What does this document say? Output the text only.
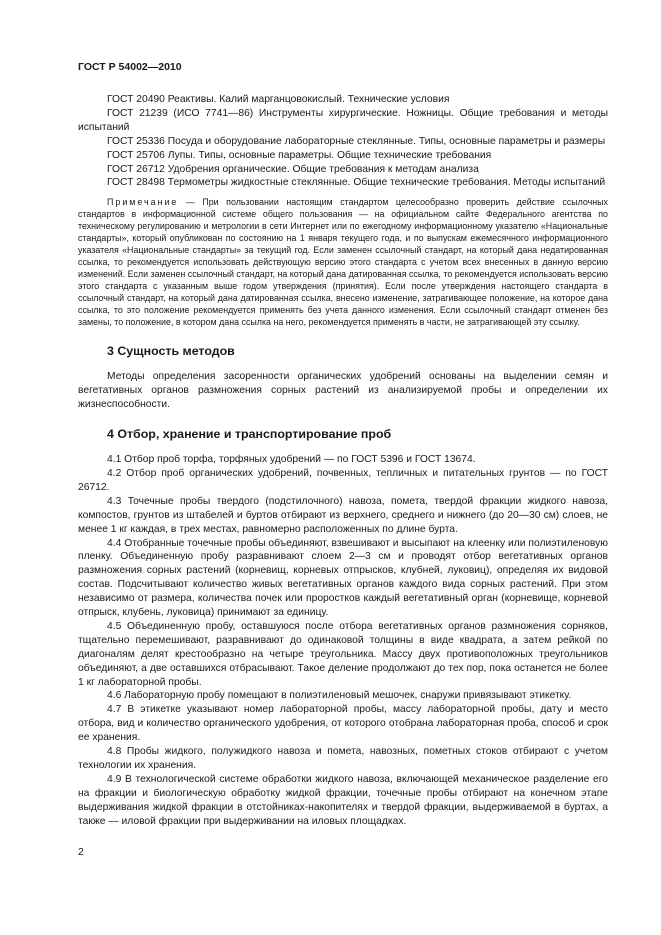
ГОСТ Р 54002—2010

ГОСТ 20490 Реактивы. Калий марганцовокислый. Технические условия

ГОСТ 21239 (ИСО 7741—86) Инструменты хирургические. Ножницы. Общие требования и методы испытаний

ГОСТ 25336 Посуда и оборудование лабораторные стеклянные. Типы, основные параметры и размеры

ГОСТ 25706 Лупы. Типы, основные параметры. Общие технические требования

ГОСТ 26712 Удобрения органические. Общие требования к методам анализа

ГОСТ 28498 Термометры жидкостные стеклянные. Общие технические требования. Методы испытаний

Примечание — При пользовании настоящим стандартом целесообразно проверить действие ссылочных стандартов в информационной системе общего пользования — на официальном сайте Федерального агентства по техническому регулированию и метрологии в сети Интернет или по ежегодному информационному указателю «Национальные стандарты», который опубликован по состоянию на 1 января текущего года, и по выпускам ежемесячного информационного указателя «Национальные стандарты» за текущий год. Если заменен ссылочный стандарт, на который дана недатированная ссылка, то рекомендуется использовать действующую версию этого стандарта с учетом всех внесенных в данную версию изменений. Если заменен ссылочный стандарт, на который дана датированная ссылка, то рекомендуется использовать версию этого стандарта с указанным выше годом утверждения (принятия). Если после утверждения настоящего стандарта в ссылочный стандарт, на который дана датированная ссылка, внесено изменение, затрагивающее положение, на которое дана ссылка, то это положение рекомендуется применять без учета данного изменения. Если ссылочный стандарт отменен без замены, то положение, в котором дана ссылка на него, рекомендуется применять в части, не затрагивающей эту ссылку.

3 Сущность методов

Методы определения засоренности органических удобрений основаны на выделении семян и вегетативных органов размножения сорных растений из анализируемой пробы и определении их жизнеспособности.

4 Отбор, хранение и транспортирование проб

4.1 Отбор проб торфа, торфяных удобрений — по ГОСТ 5396 и ГОСТ 13674.

4.2 Отбор проб органических удобрений, почвенных, тепличных и питательных грунтов — по ГОСТ 26712.

4.3 Точечные пробы твердого (подстилочного) навоза, помета, твердой фракции жидкого навоза, компостов, грунтов из штабелей и буртов отбирают из верхнего, среднего и нижнего (до 20—30 см) слоев, не менее 1 кг каждая, в трех местах, равномерно расположенных по длине бурта.

4.4 Отобранные точечные пробы объединяют, взвешивают и высыпают на клеенку или полиэтиленовую пленку. Объединенную пробу разравнивают слоем 2—3 см и проводят отбор вегетативных органов размножения сорных растений (корневищ, корневых отпрысков, клубней, луковиц), определяя их видовой состав. Подсчитывают количество живых вегетативных органов каждого вида сорных растений. При этом независимо от размера, количества почек или проростков каждый вегетативный орган (корневище, корневой отпрыск, клубень, луковица) принимают за единицу.

4.5 Объединенную пробу, оставшуюся после отбора вегетативных органов размножения сорняков, тщательно перемешивают, разравнивают до одинаковой толщины в виде квадрата, а затем рейкой по диагоналям делят крестообразно на четыре треугольника. Массу двух противоположных треугольников объединяют, а две оставшихся отбрасывают. Такое деление продолжают до тех пор, пока останется не более 1 кг лабораторной пробы.

4.6 Лабораторную пробу помещают в полиэтиленовый мешочек, снаружи привязывают этикетку.

4.7 В этикетке указывают номер лабораторной пробы, массу лабораторной пробы, дату и место отбора, вид и количество органического удобрения, от которого отобрана лабораторная проба, способ и срок ее хранения.

4.8 Пробы жидкого, полужидкого навоза и помета, навозных, пометных стоков отбирают с учетом технологии их хранения.

4.9 В технологической системе обработки жидкого навоза, включающей механическое разделение его на фракции и биологическую обработку жидкой фракции, точечные пробы отбирают на конечном этапе выдерживания жидкой фракции в отстойниках-накопителях и твердой фракции, выдерживаемой в буртах, а также — иловой фракции при выдерживании на иловых площадках.

2
